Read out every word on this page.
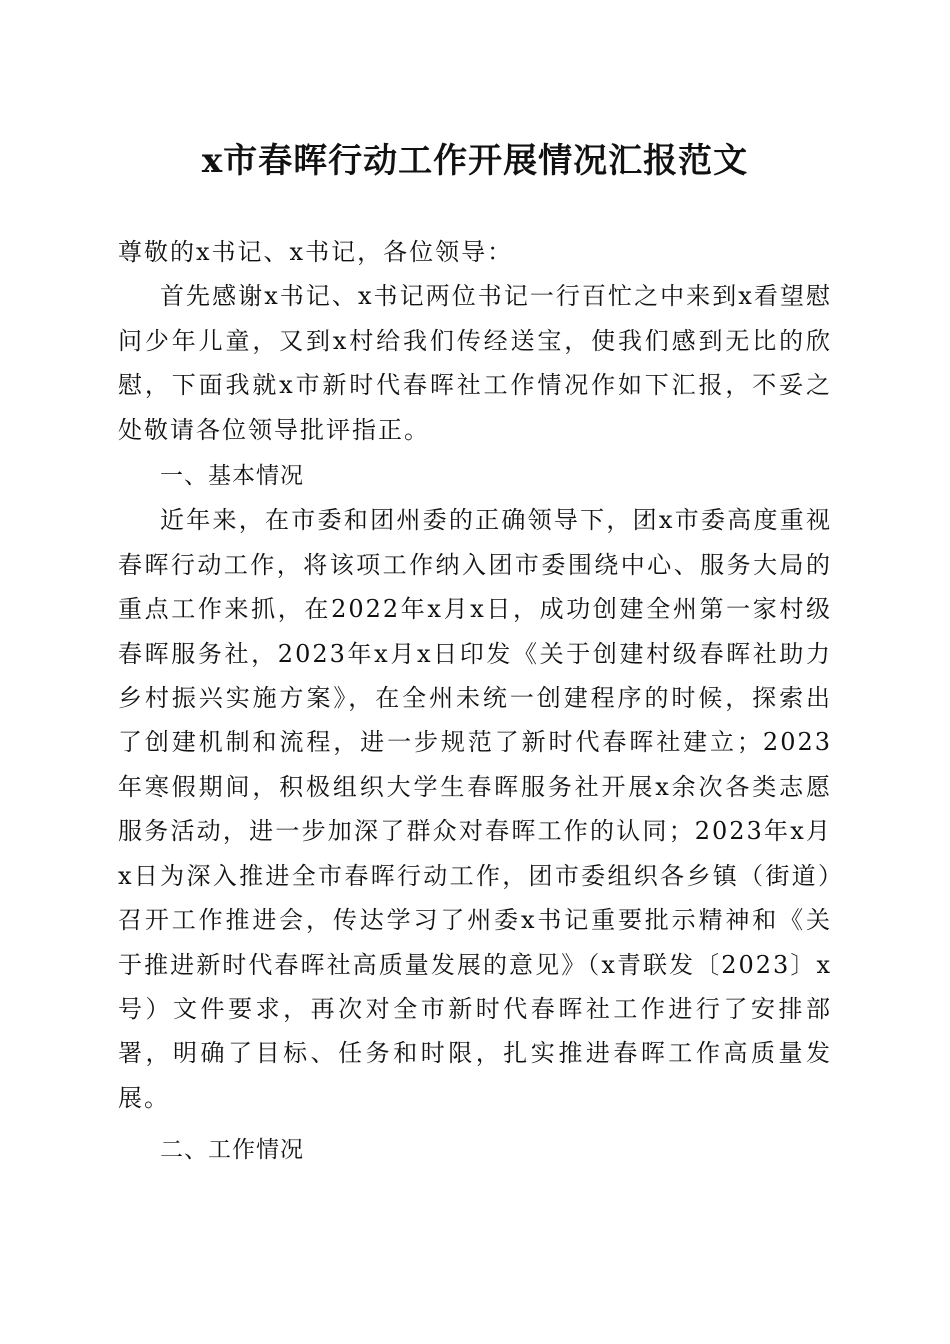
x市春晖行动工作开展情况汇报范文

尊敬的x书记、x书记，各位领导：

首先感谢x书记、x书记两位书记一行百忙之中来到x看望慰问少年儿童，又到x村给我们传经送宝，使我们感到无比的欣慰，下面我就x市新时代春晖社工作情况作如下汇报，不妥之处敬请各位领导批评指正。

一、基本情况

近年来，在市委和团州委的正确领导下，团x市委高度重视春晖行动工作，将该项工作纳入团市委围绕中心、服务大局的重点工作来抓，在2022年x月x日，成功创建全州第一家村级春晖服务社，2023年x月x日印发《关于创建村级春晖社助力乡村振兴实施方案》，在全州未统一创建程序的时候，探索出了创建机制和流程，进一步规范了新时代春晖社建立；2023年寒假期间，积极组织大学生春晖服务社开展x余次各类志愿服务活动，进一步加深了群众对春晖工作的认同；2023年x月x日为深入推进全市春晖行动工作，团市委组织各乡镇（街道）召开工作推进会，传达学习了州委x书记重要批示精神和《关于推进新时代春晖社高质量发展的意见》（x青联发〔2023〕x号）文件要求，再次对全市新时代春晖社工作进行了安排部署，明确了目标、任务和时限，扎实推进春晖工作高质量发展。

二、工作情况
